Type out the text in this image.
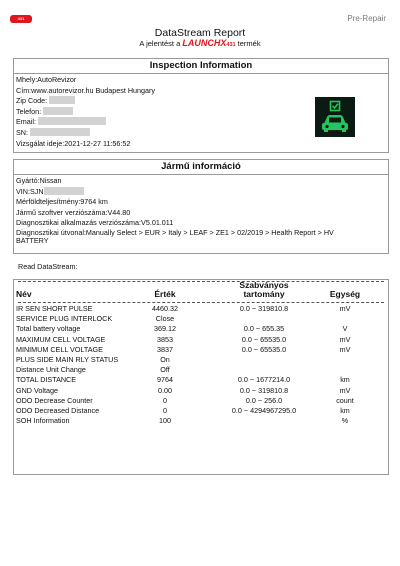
431	Pre-Repair
DataStream Report
A jelentést a LAUNCHX431 termék
Inspection Information
Mhely:AutoRevizor
Cím:www.autorevizor.hu Budapest Hungary
Zip Code:
Telefon:
Email:
SN:
Vizsgálat ideje:2021-12-27 11:56:52
Jármű információ
Gyártó:Nissan
VIN:SJN
Mérföldteljesítmény:9764 km
Jármű szoftver verziószáma:V44.80
Diagnosztikai alkalmazás verziószáma:V5.01.011
Diagnosztikai útvonal:Manually Select > EUR > Italy > LEAF > ZE1 > 02/2019 > Health Report > HV
BATTERY
Read DataStream:
Név	Érték
Szabványos
tartomány	Egység
IR SEN SHORT PULSE	4460.32	0.0 ~ 319810.8	mV
SERVICE PLUG INTERLOCK	Close
Total battery voltage	369.12	0.0 ~ 655.35	V
MAXIMUM CELL VOLTAGE	3853	0.0 ~ 65535.0	mV
MINIMUM CELL VOLTAGE	3837	0.0 ~ 65535.0	mV
PLUS SIDE MAIN RLY STATUS	On
Distance Unit Change	Off
TOTAL DISTANCE	9764	0.0 ~ 1677214.0	km
GND Voltage	0.00	0.0 ~ 319810.8	mV
ODO Decrease Counter	0	0.0 ~ 256.0	count
ODO Decreased Distance	0	0.0 ~ 4294967295.0	km
SOH Information	100	%
